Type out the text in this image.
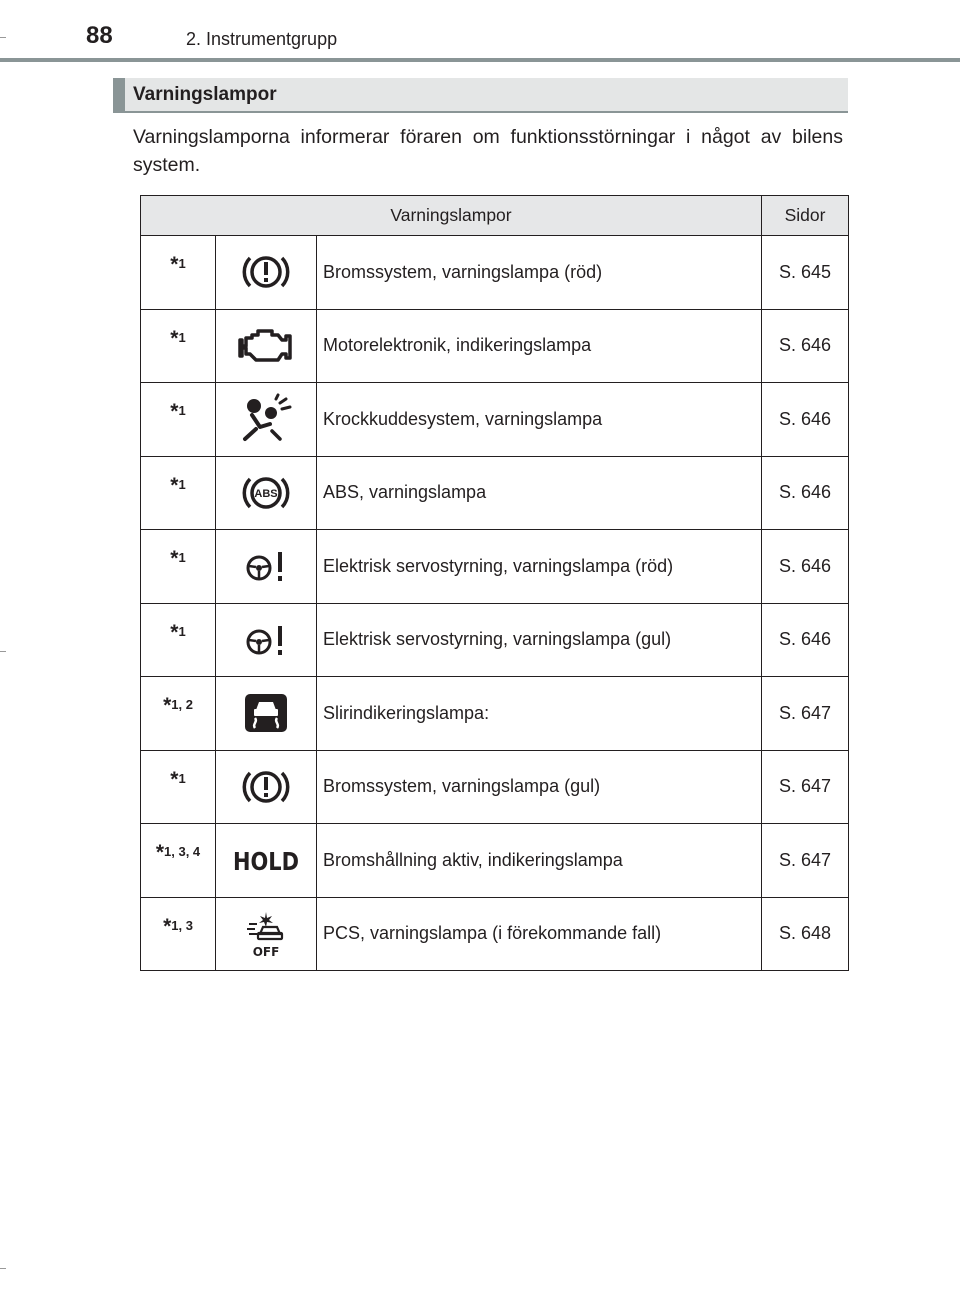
88	2. Instrumentgrupp
Varningslampor
Varningslamporna informerar föraren om funktionsstörningar i något av bilens system.
Varningslampor			Sidor
*$^1$		Bromssystem, varningslampa (röd)	S. 645
*$^1$		Motorelektronik, indikeringslampa	S. 646
*$^1$		Krockkuddesystem, varningslampa	S. 646
*$^1$	ABS	ABS, varningslampa	S. 646
*$^1$		Elektrisk servostyrning, varningslampa (röd)	S. 646
*$^1$		Elektrisk servostyrning, varningslampa (gul)	S. 646
*$^{1, 2}$		Slirindikeringslampa:	S. 647
*$^1$		Bromssystem, varningslampa (gul)	S. 647
*$^{1, 3, 4}$	HOLD	Bromshållning aktiv, indikeringslampa	S. 647
*$^{1, 3}$	OFF	PCS, varningslampa (i förekommande fall)	S. 648
